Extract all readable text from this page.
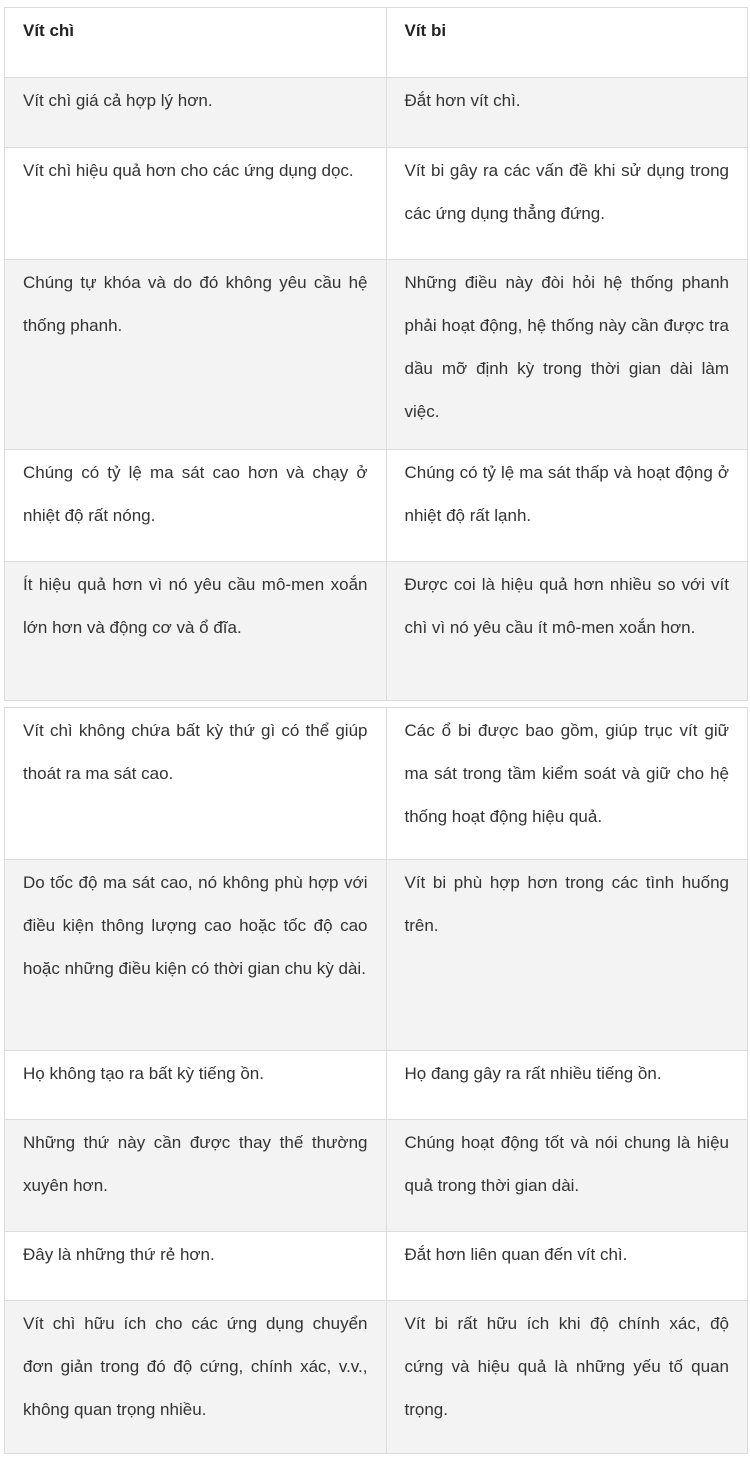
Vít chì	Vít bi
Vít chì giá cả hợp lý hơn.	Đắt hơn vít chì.
Vít chì hiệu quả hơn cho các ứng dụng dọc.	Vít bi gây ra các vấn đề khi sử dụng trong các ứng dụng thẳng đứng.
Chúng tự khóa và do đó không yêu cầu hệ thống phanh.	Những điều này đòi hỏi hệ thống phanh phải hoạt động, hệ thống này cần được tra dầu mỡ định kỳ trong thời gian dài làm việc.
Chúng có tỷ lệ ma sát cao hơn và chạy ở nhiệt độ rất nóng.	Chúng có tỷ lệ ma sát thấp và hoạt động ở nhiệt độ rất lạnh.
Ít hiệu quả hơn vì nó yêu cầu mô-men xoắn lớn hơn và động cơ và ổ đĩa.	Được coi là hiệu quả hơn nhiều so với vít chì vì nó yêu cầu ít mô-men xoắn hơn.
Vít chì không chứa bất kỳ thứ gì có thể giúp thoát ra ma sát cao.	Các ổ bi được bao gồm, giúp trục vít giữ ma sát trong tầm kiểm soát và giữ cho hệ thống hoạt động hiệu quả.
Do tốc độ ma sát cao, nó không phù hợp với điều kiện thông lượng cao hoặc tốc độ cao hoặc những điều kiện có thời gian chu kỳ dài.	Vít bi phù hợp hơn trong các tình huống trên.
Họ không tạo ra bất kỳ tiếng ồn.	Họ đang gây ra rất nhiều tiếng ồn.
Những thứ này cần được thay thế thường xuyên hơn.	Chúng hoạt động tốt và nói chung là hiệu quả trong thời gian dài.
Đây là những thứ rẻ hơn.	Đắt hơn liên quan đến vít chì.
Vít chì hữu ích cho các ứng dụng chuyển đơn giản trong đó độ cứng, chính xác, v.v., không quan trọng nhiều.	Vít bi rất hữu ích khi độ chính xác, độ cứng và hiệu quả là những yếu tố quan trọng.
